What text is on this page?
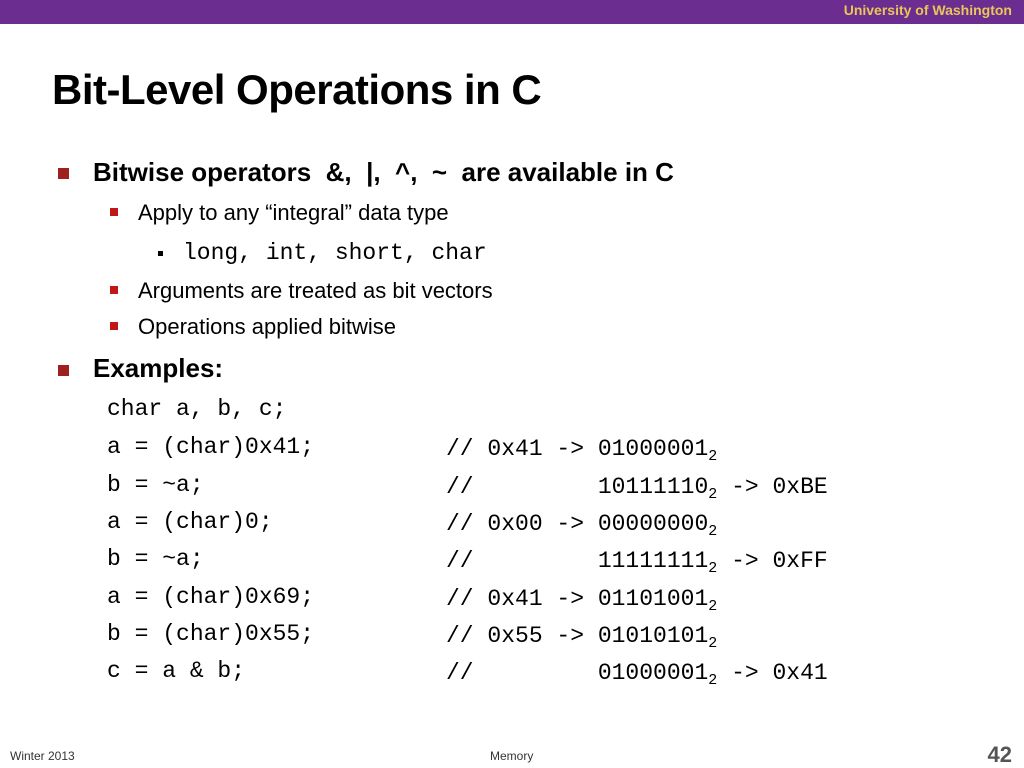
University of Washington
Bit-Level Operations in C
Bitwise operators  &,  |,  ^,  ~  are available in C
Apply to any “integral” data type
long, int, short, char
Arguments are treated as bit vectors
Operations applied bitwise
Examples:
char a, b, c;
a = (char)0x41;	// $0x41 -> 01000001_2$
b = ~a;	//         $10111110_2 -> 0xBE$
a = (char)0;	// $0x00 -> 00000000_2$
b = ~a;	//         $11111111_2 -> 0xFF$
a = (char)0x69;	// $0x41 -> 01101001_2$
b = (char)0x55;	// $0x55 -> 01010101_2$
c = a & b;	//         $01000001_2 -> 0x41$
Winter 2013	Memory	42
